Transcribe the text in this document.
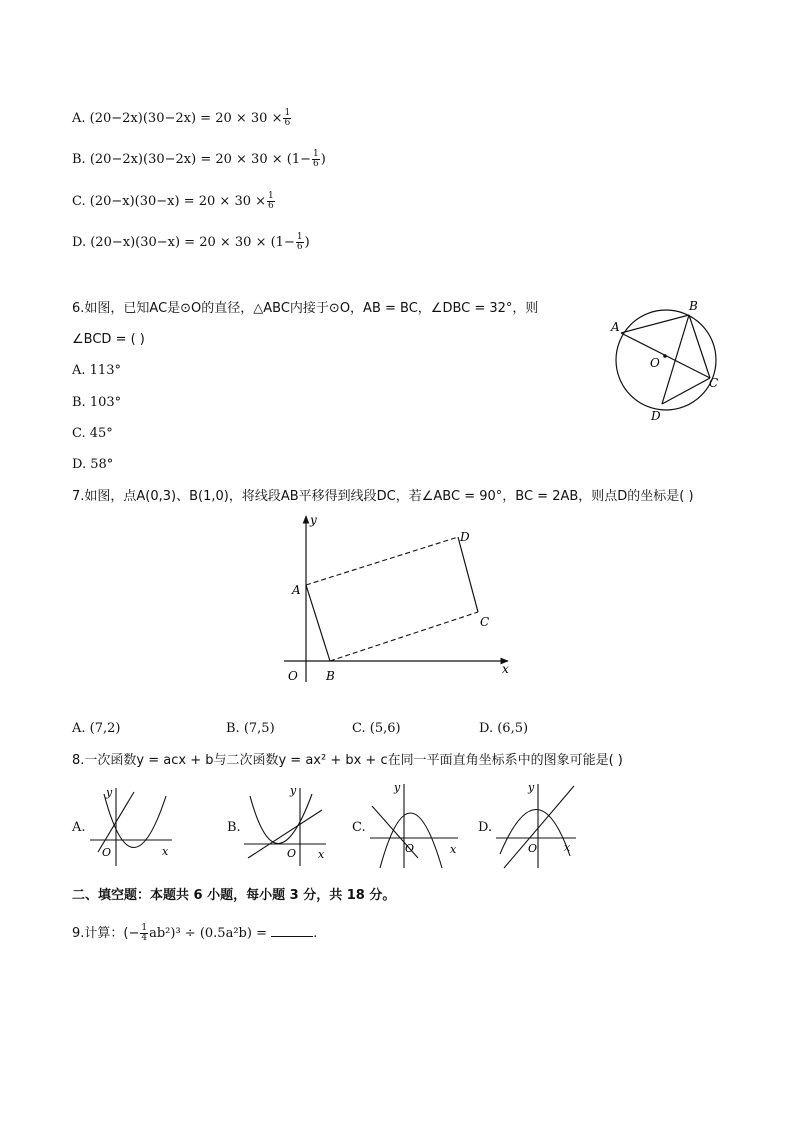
A. $(20-2x)(30-2x) = 20 \times 30 \times \frac{1}{6}$
B. $(20-2x)(30-2x) = 20 \times 30 \times (1- \frac{1}{6}$ )
C. $(20-x)(30-x) = 20 \times 30 \times \frac{1}{6}$
D. $(20-x)(30-x) = 20 \times 30 \times (1- \frac{1}{6}$ )
6.如图，已知AC是⊙O的直径，△ABC内接于⊙O，AB = BC，∠DBC = 32°，则
∠BCD = ( )
A. 113°
B. 103°
C. 45°
D. 58°
A
B
C
D
O
7.如图，点A(0,3)、B(1,0)，将线段AB平移得到线段DC，若∠ABC = 90°，BC = 2AB，则点D的坐标是( )
A
B
C
D
O	x
y
A. (7,2)	B. (7,5)	C. (5,6)	D. (6,5)
8.一次函数y = acx + b与二次函数y = ax² + bx + c在同一平面直角坐标系中的图象可能是( )
A.
O	x
y
B.
O x
y
C.
O	x
y
D.
O x
y
二、填空题：本题共 6 小题，每小题 3 分，共 18 分。
9.计算：(− $\frac{1}{4} ab^2)^3 \div (0.5a^2b)$ =	.
